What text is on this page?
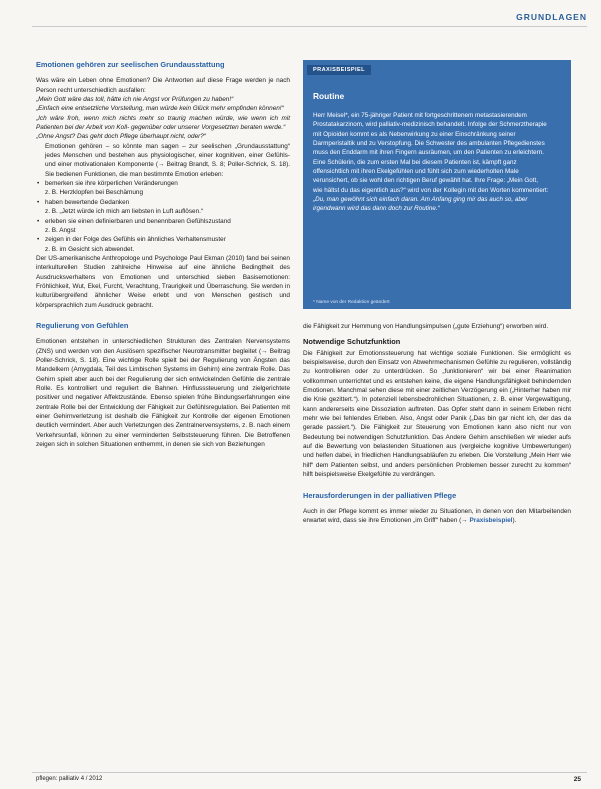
GRUNDLAGEN
Emotionen gehören zur seelischen Grundausstattung

Was wäre ein Leben ohne Emotionen? Die Antworten auf diese Frage werden je nach Person recht unterschiedlich ausfallen:

„Mein Gott wäre das toll, hätte ich nie Angst vor Prüfungen zu haben!“

„Einfach eine entsetzliche Vorstellung, man würde kein Glück mehr empfinden können!“

„Ich wäre froh, wenn mich nichts mehr so traurig machen würde, wie wenn ich mit Patienten bei der Arbeit von Koll- gegenüber oder unserer Vorgesetzten beraten werde.“

„Ohne Angst? Das geht doch Pflege überhaupt nicht, oder?“

Emotionen gehören – so könnte man sagen – zur seelischen „Grundausstattung“ jedes Menschen und bestehen aus physiologischer, einer kognitiven, einer Gefühls- und einer motivationalen Komponente (→ Beitrag Brandt, S. 8; Poller-Schrick, S. 18). Sie bedienen Funktionen, die man bestimmte Emotion erleben:

• bemerken sie ihre körperlichen Veränderungen
z. B. Herzklopfen bei Beschämung
• haben bewertende Gedanken
z. B. „Jetzt würde ich mich am liebsten in Luft auflösen.“
• erleben sie einen definierbaren und benennbaren Gefühlszustand
z. B. Angst
• zeigen in der Folge des Gefühls ein ähnliches Verhaltensmuster
z. B. im Gesicht sich abwendet.

Der US-amerikanische Anthropologe und Psychologe Paul Ekman (2010) fand bei seinen interkulturellen Studien zahlreiche Hinweise auf eine ähnliche Bedingtheit des Ausdrucksverhaltens von Emotionen und unterschied sieben Basisemotionen: Fröhlichkeit, Wut, Ekel, Furcht, Verachtung, Traurigkeit und Überraschung. Sie werden in kulturübergreifend ähnlicher Weise erlebt und von Menschen gestisch und körpersprachlich zum Ausdruck gebracht.

Regulierung von Gefühlen

Emotionen entstehen in unterschiedlichen Strukturen des Zentralen Nervensystems (ZNS) und werden von den Auslösern spezifischer Neurotransmitter begleitet (→ Beitrag Poller-Schrick, S. 18). Eine wichtige Rolle spielt bei der Regulierung von Ängsten das Mandelkern (Amygdala, Teil des Limbischen Systems im Gehirn) eine zentrale Rolle. Das Gehirn spielt aber auch bei der Regulierung der sich entwickelnden Gefühle die zentrale Rolle. Es kontrolliert und reguliert die Bahnen. Hinflusssteuerung und zielgerichtete positiver und negativer Affektzustände. Ebenso spielen frühe Bindungserfahrungen eine zentrale Rolle bei der Entwicklung der Fähigkeit zur Gefühlsregulation. Bei Patienten mit einer Gehirnverletzung ist deshalb die Fähigkeit zur Kontrolle der eigenen Emotionen deutlich vermindert. Aber auch Verletzungen des Zentralnervensystems, z. B. nach einem Verkehrsunfall, können zu einer verminderten Selbststeuerung führen. Die Betroffenen zeigen sich in solchen Situationen enthemmt, in denen sie sich von Beziehungen

PRAXISBEISPIEL
Routine

Herr Meisel*, ein 75-jähriger Patient mit fortgeschrittenem metastasierendem Prostatakarzinom, wird palliativ-medizinisch behandelt. Infolge der Schmerztherapie mit Opioiden kommt es als Nebenwirkung zu einer Einschränkung seiner Darmperistaltik und zu Verstopfung. Die Schwester des ambulanten Pflegedienstes muss den Enddarm mit ihren Fingern ausräumen, um den Patienten zu erleichtern. Eine Schülerin, die zum ersten Mal bei diesem Patienten ist, kämpft ganz offensichtlich mit ihren Ekelgefühlen und fühlt sich zum wiederholten Male verunsichert, ob sie wohl den richtigen Beruf gewählt hat. Ihre Frage: „Mein Gott, wie hältst du das eigentlich aus?“ wird von der Kollegin mit den Worten kommentiert:

„Du, man gewöhnt sich einfach daran. Am Anfang ging mir das auch so, aber irgendwann wird das dann doch zur Routine.“

* Name von der Redaktion geändert

die Fähigkeit zur Hemmung von Handlungsimpulsen („gute Erziehung“) erworben wird.

Notwendige Schutzfunktion

Die Fähigkeit zur Emotionssteuerung hat wichtige soziale Funktionen. Sie ermöglicht es beispielsweise, durch den Einsatz von Abwehrmechanismen Gefühle zu regulieren, vollständig zu kontrollieren oder zu unterdrücken. So „funktionieren“ wir bei einer Reanimation vollkommen unterrichtet und es entstehen keine, die eigene Handlungsfähigkeit behindernden Emotionen. Manchmal sehen diese mit einer zeitlichen Verzögerung ein („Hinterher haben mir die Knie gezittert.“). In potenziell lebensbedrohlichen Situationen, z. B. einer Vergewaltigung, kann andererseits eine Dissoziation auftreten. Das Opfer steht dann in seinem Erleben nicht mehr wie bei fehlendes Erleben. Also, Angst oder Panik („Das bin gar nicht ich, der das da gerade passiert.“). Die Fähigkeit zur Steuerung von Emotionen kann also nicht nur von Bedeutung bei notwendigen Schutzfunktion. Das Andere Gehirn anschließen wir wieder aufs auf die Bewertung von belastenden Situationen aus (vergleiche kognitive Umbewertungen) und helfen dabei, in friedlichen Handlungsabläufen zu erleben. Die Vorstellung „Mein Herr wie hilf“ dem Patienten selbst, und anders persönlichen Problemen besser zurecht zu kommen“ hilft beispielsweise Ekelgefühle zu verdrängen.

Herausforderungen in der palliativen Pflege

Auch in der Pflege kommt es immer wieder zu Situationen, in denen von den Mitarbeitenden erwartet wird, dass sie ihre Emotionen „im Griff“ haben (→ Praxisbeispiel).

pflegen: palliativ 4 / 2012	25
